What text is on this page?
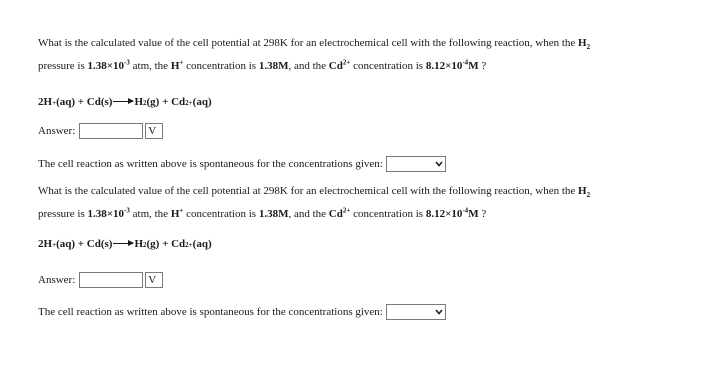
What is the calculated value of the cell potential at 298K for an electrochemical cell with the following reaction, when the $H_2$
pressure is $1.38\times 10^{-3}$ atm, the H+ concentration is 1.38M, and the $Cd^{2+}$ concentration is $8.12\times 10^{-4}M$ ?

2H + (aq) + Cd(s) → H 2 (g) + Cd 2+ (aq)
Answer:	V
The cell reaction as written above is spontaneous for the concentrations given:

What is the calculated value of the cell potential at 298K for an electrochemical cell with the following reaction, when the $H_2$
pressure is $1.38\times 10^{-3}$ atm, the H+ concentration is 1.38M, and the $Cd^{2+}$ concentration is $8.12\times 10^{-4}M$ ?

2H + (aq) + Cd(s) → H 2 (g) + Cd 2+ (aq)
Answer:	V
The cell reaction as written above is spontaneous for the concentrations given:
